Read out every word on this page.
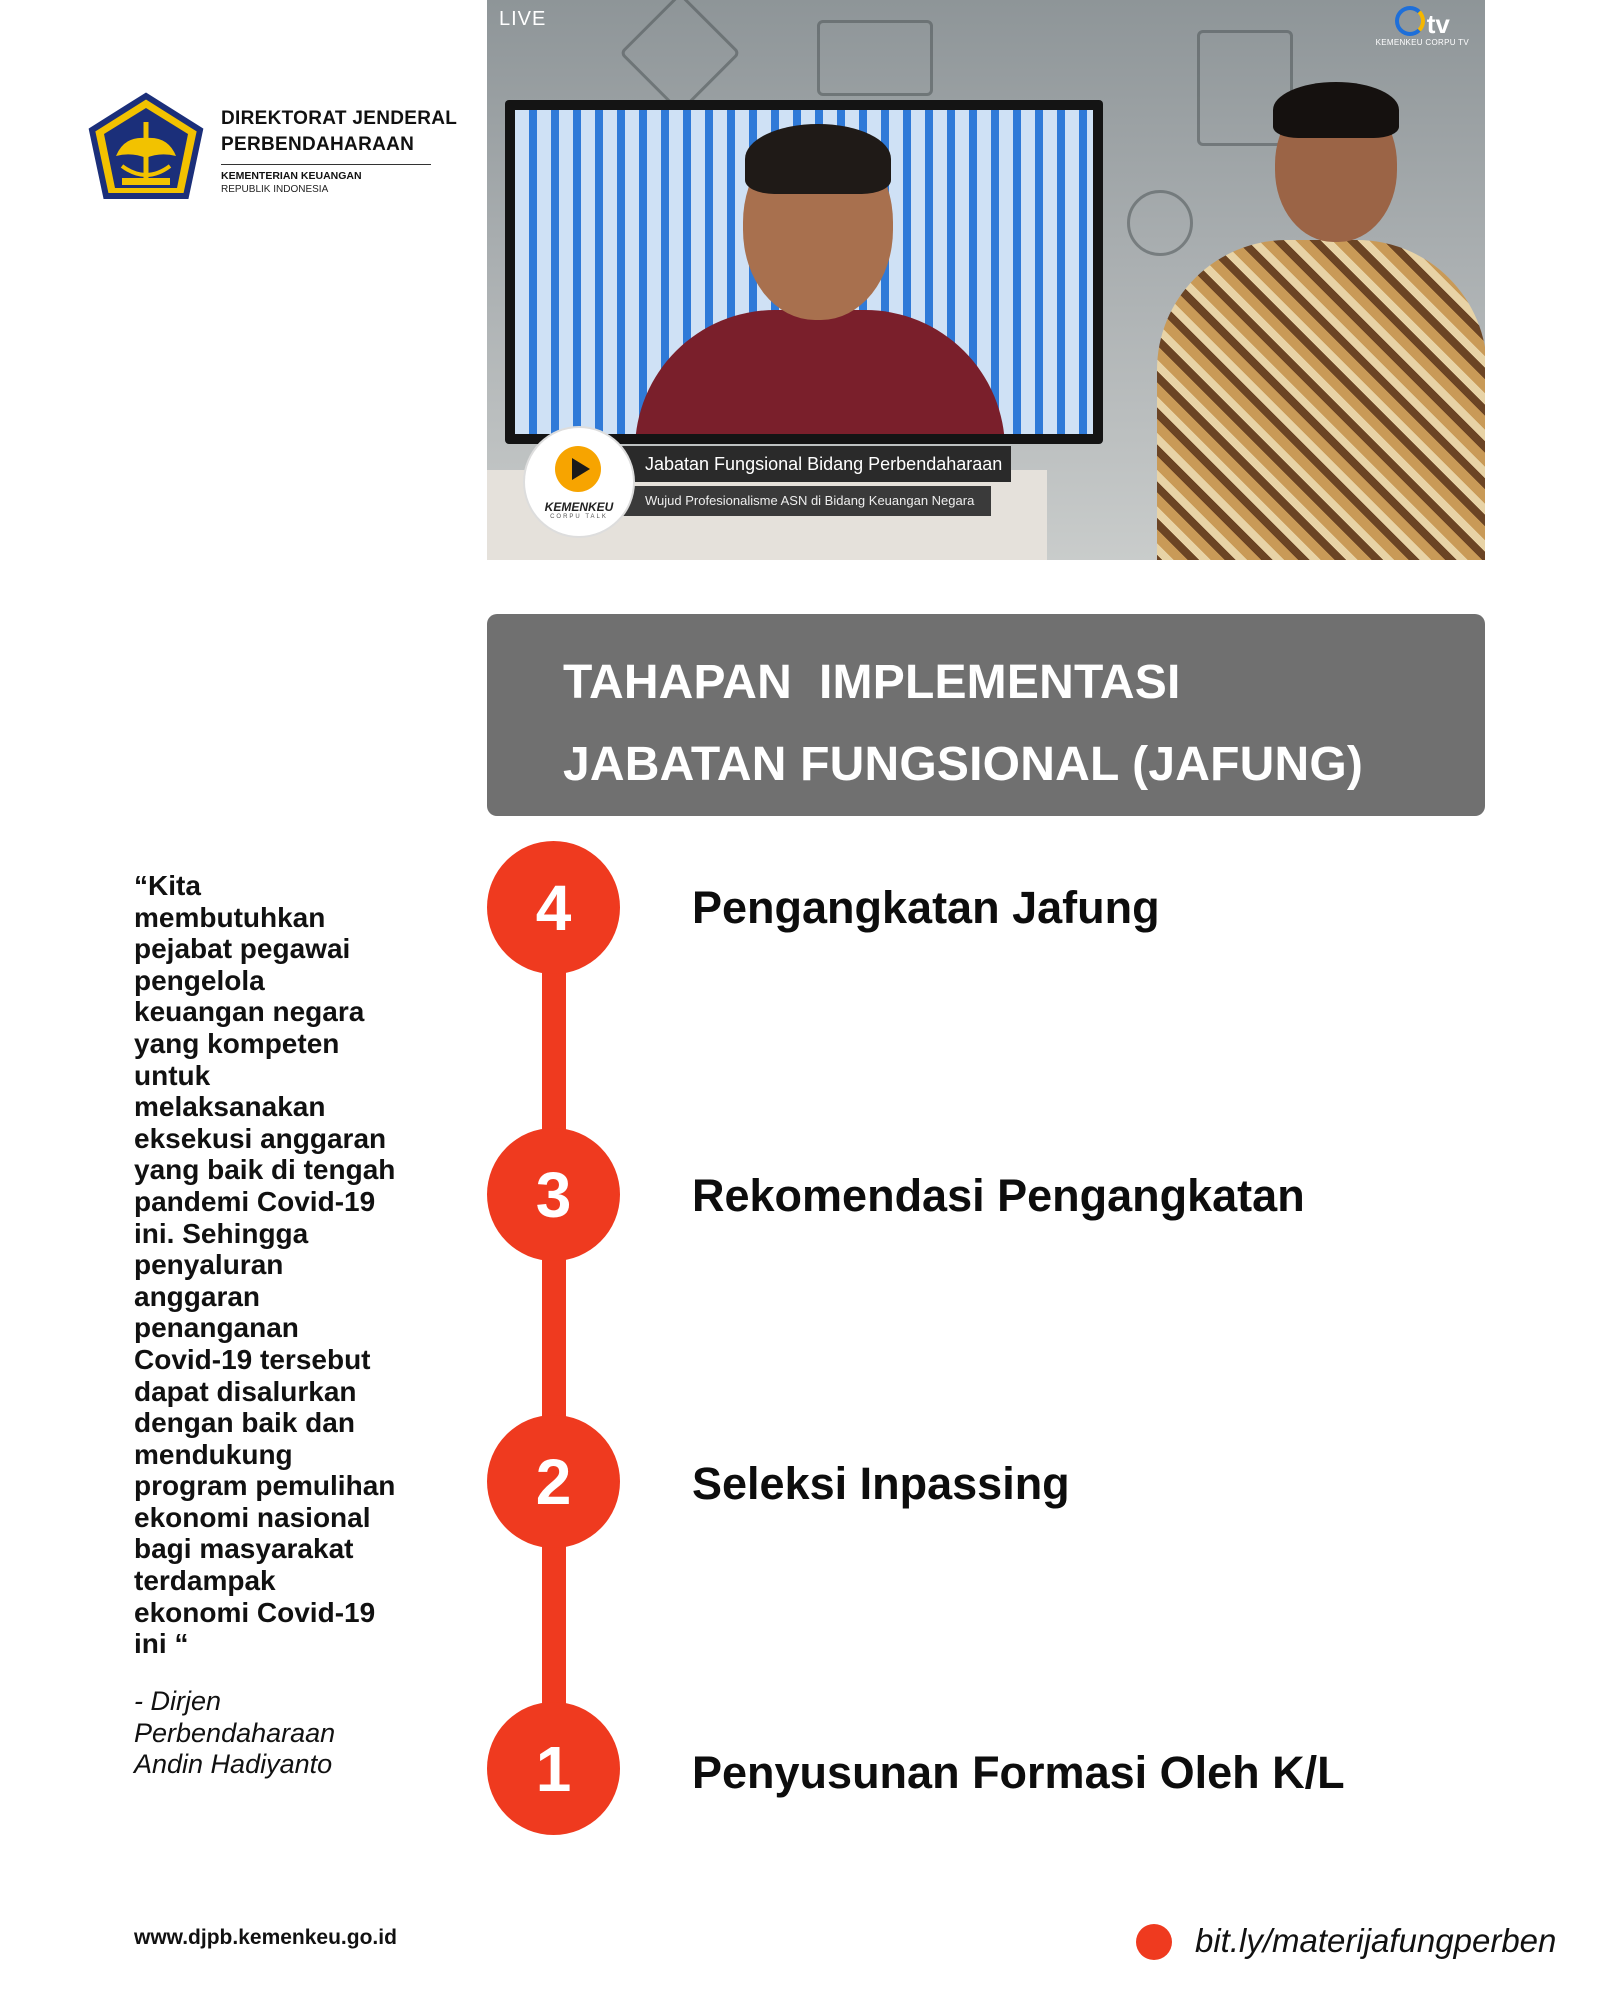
DIREKTORAT JENDERAL
PERBENDAHARAAN
KEMENTERIAN KEUANGAN
REPUBLIK INDONESIA
LIVE	tv
KEMENKEU CORPU TV
Jabatan Fungsional Bidang Perbendaharaan
Wujud Profesionalisme ASN di Bidang Keuangan Negara
KEMENKEU
CORPU TALK
TAHAPAN  IMPLEMENTASI
JABATAN FUNGSIONAL (JAFUNG)
4	Pengangkatan Jafung
3	Rekomendasi Pengangkatan
2	Seleksi Inpassing
1	Penyusunan Formasi Oleh K/L
“Kita
membutuhkan
pejabat pegawai
pengelola
keuangan negara
yang kompeten
untuk
melaksanakan
eksekusi anggaran
yang baik di tengah
pandemi Covid-19
ini. Sehingga
penyaluran
anggaran
penanganan
Covid-19 tersebut
dapat disalurkan
dengan baik dan
mendukung
program pemulihan
ekonomi nasional
bagi masyarakat
terdampak
ekonomi Covid-19
ini “
- Dirjen
Perbendaharaan
Andin Hadiyanto
www.djpb.kemenkeu.go.id	bit.ly/materijafungperben
